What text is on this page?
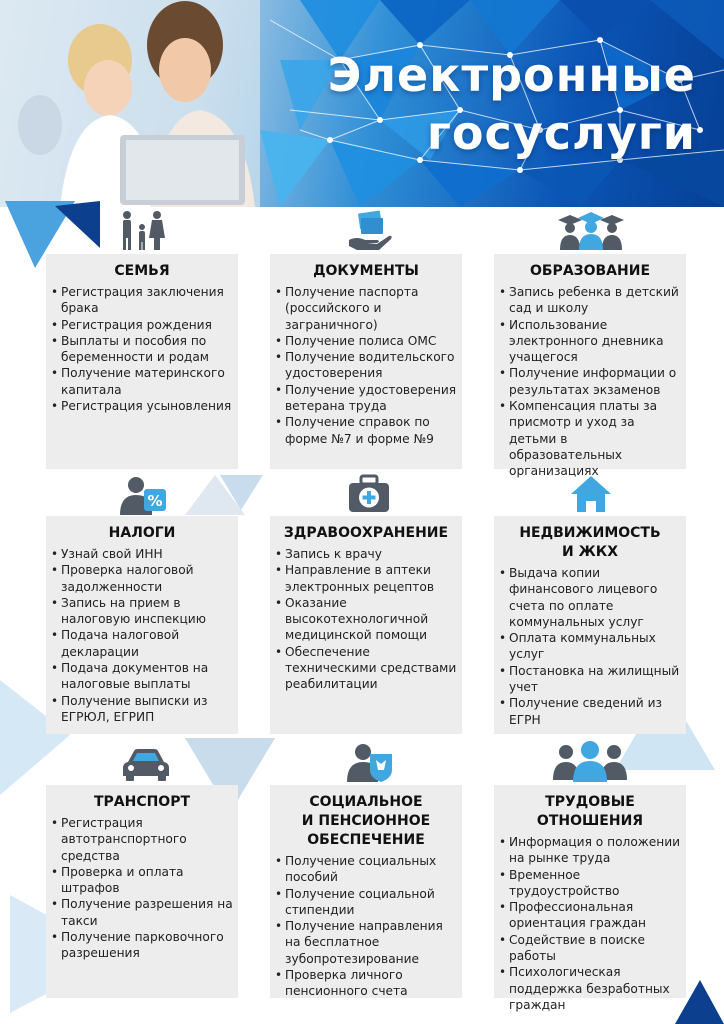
Электронные
госуслуги
%
СЕМЬЯ
• Регистрация заключения брака
• Регистрация рождения
• Выплаты и пособия по беременности и родам
• Получение материнского капитала
• Регистрация усыновления
ДОКУМЕНТЫ
• Получение паспорта (российского и заграничного)
• Получение полиса ОМС
• Получение водительского удостоверения
• Получение удостоверения ветерана труда
• Получение справок по форме №7 и форме №9
ОБРАЗОВАНИЕ
• Запись ребенка в детский сад и школу
• Использование электронного дневника учащегося
• Получение информации о результатах экзаменов
• Компенсация платы за присмотр и уход за детьми в образовательных организациях
НАЛОГИ
• Узнай свой ИНН
• Проверка налоговой задолженности
• Запись на прием в налоговую инспекцию
• Подача налоговой декларации
• Подача документов на налоговые выплаты
• Получение выписки из ЕГРЮЛ, ЕГРИП
ЗДРАВООХРАНЕНИЕ
• Запись к врачу
• Направление в аптеки электронных рецептов
• Оказание высокотехнологичной медицинской помощи
• Обеспечение техническими средствами реабилитации
НЕДВИЖИМОСТЬ
И ЖКХ
• Выдача копии финансового лицевого счета по оплате коммунальных услуг
• Оплата коммунальных услуг
• Постановка на жилищный учет
• Получение сведений из ЕГРН
ТРАНСПОРТ
• Регистрация автотранспортного средства
• Проверка и оплата штрафов
• Получение разрешения на такси
• Получение парковочного разрешения
СОЦИАЛЬНОЕ
И ПЕНСИОННОЕ
ОБЕСПЕЧЕНИЕ
• Получение социальных пособий
• Получение социальной стипендии
• Получение направления на бесплатное зубопротезирование
• Проверка личного пенсионного счета
ТРУДОВЫЕ
ОТНОШЕНИЯ
• Информация о положении на рынке труда
• Временное трудоустройство
• Профессиональная ориентация граждан
• Содействие в поиске работы
• Психологическая поддержка безработных граждан
